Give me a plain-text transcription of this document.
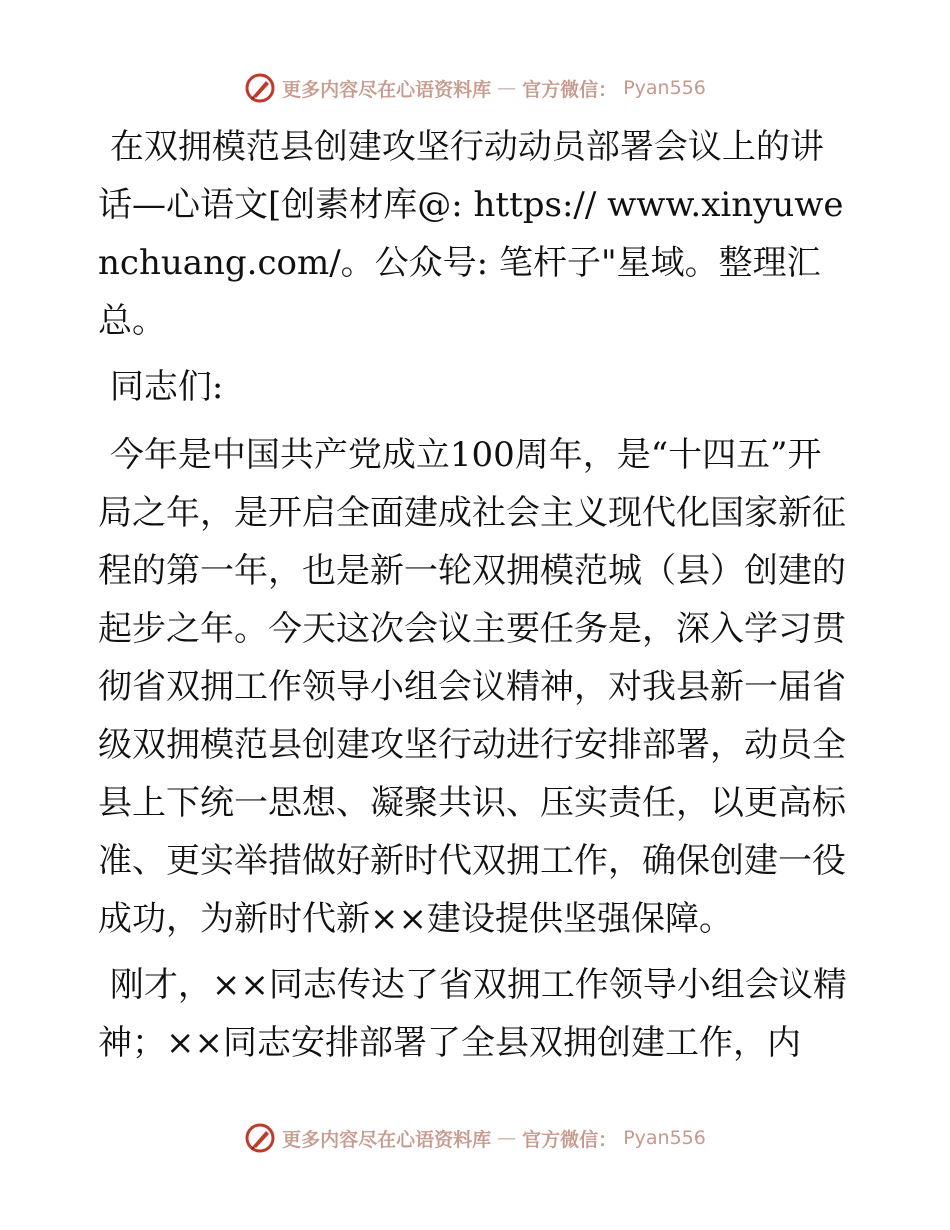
更多内容尽在心语资料库 — 官方微信： Pyan556

在双拥模范县创建攻坚行动动员部署会议上的讲话—心语文[创素材库@: https:// www.xinyuwenchuang.com/。公众号: 笔杆子"星域。整理汇总。

同志们:

今年是中国共产党成立100周年，是“十四五”开局之年，是开启全面建成社会主义现代化国家新征程的第一年，也是新一轮双拥模范城（县）创建的起步之年。今天这次会议主要任务是，深入学习贯彻省双拥工作领导小组会议精神，对我县新一届省级双拥模范县创建攻坚行动进行安排部署，动员全县上下统一思想、凝聚共识、压实责任，以更高标准、更实举措做好新时代双拥工作，确保创建一役成功，为新时代新××建设提供坚强保障。

刚才，××同志传达了省双拥工作领导小组会议精神；××同志安排部署了全县双拥创建工作，内

更多内容尽在心语资料库 — 官方微信： Pyan556
